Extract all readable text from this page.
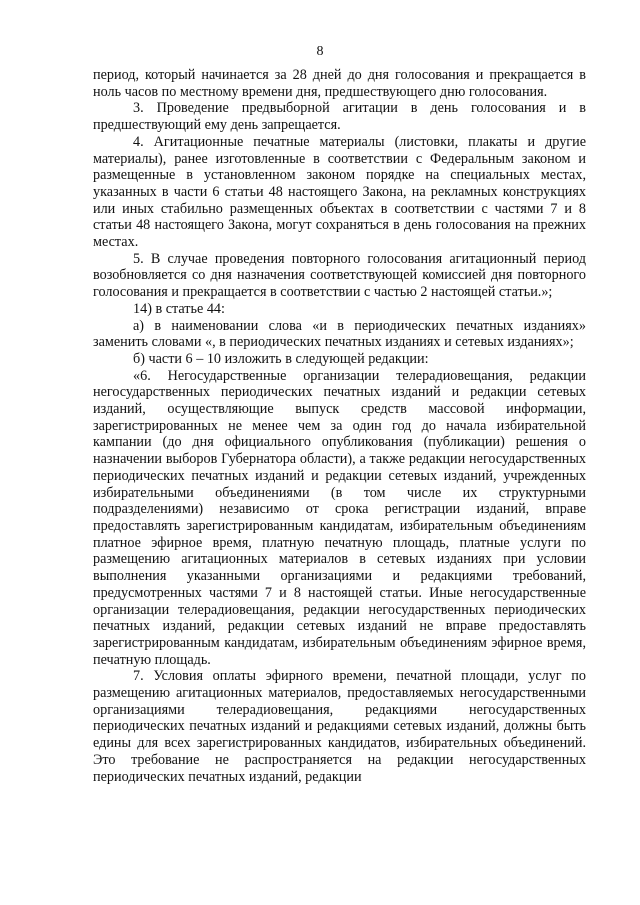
8

период, который начинается за 28 дней до дня голосования и прекращается в ноль часов по местному времени дня, предшествующего дню голосования.

3. Проведение предвыборной агитации в день голосования и в предшествующий ему день запрещается.

4. Агитационные печатные материалы (листовки, плакаты и другие материалы), ранее изготовленные в соответствии с Федеральным законом и размещенные в установленном законом порядке на специальных местах, указанных в части 6 статьи 48 настоящего Закона, на рекламных конструкциях или иных стабильно размещенных объектах в соответствии с частями 7 и 8 статьи 48 настоящего Закона, могут сохраняться в день голосования на прежних местах.

5. В случае проведения повторного голосования агитационный период возобновляется со дня назначения соответствующей комиссией дня повторного голосования и прекращается в соответствии с частью 2 настоящей статьи.»;

14) в статье 44:

а) в наименовании слова «и в периодических печатных изданиях» заменить словами «, в периодических печатных изданиях и сетевых изданиях»;

б) части 6 – 10 изложить в следующей редакции:

«6. Негосударственные организации телерадиовещания, редакции негосударственных периодических печатных изданий и редакции сетевых изданий, осуществляющие выпуск средств массовой информации, зарегистрированных не менее чем за один год до начала избирательной кампании (до дня официального опубликования (публикации) решения о назначении выборов Губернатора области), а также редакции негосударственных периодических печатных изданий и редакции сетевых изданий, учрежденных избирательными объединениями (в том числе их структурными подразделениями) независимо от срока регистрации изданий, вправе предоставлять зарегистрированным кандидатам, избирательным объединениям платное эфирное время, платную печатную площадь, платные услуги по размещению агитационных материалов в сетевых изданиях при условии выполнения указанными организациями и редакциями требований, предусмотренных частями 7 и 8 настоящей статьи. Иные негосударственные организации телерадиовещания, редакции негосударственных периодических печатных изданий, редакции сетевых изданий не вправе предоставлять зарегистрированным кандидатам, избирательным объединениям эфирное время, печатную площадь.

7. Условия оплаты эфирного времени, печатной площади, услуг по размещению агитационных материалов, предоставляемых негосударственными организациями телерадиовещания, редакциями негосударственных периодических печатных изданий и редакциями сетевых изданий, должны быть едины для всех зарегистрированных кандидатов, избирательных объединений. Это требование не распространяется на редакции негосударственных периодических печатных изданий, редакции
